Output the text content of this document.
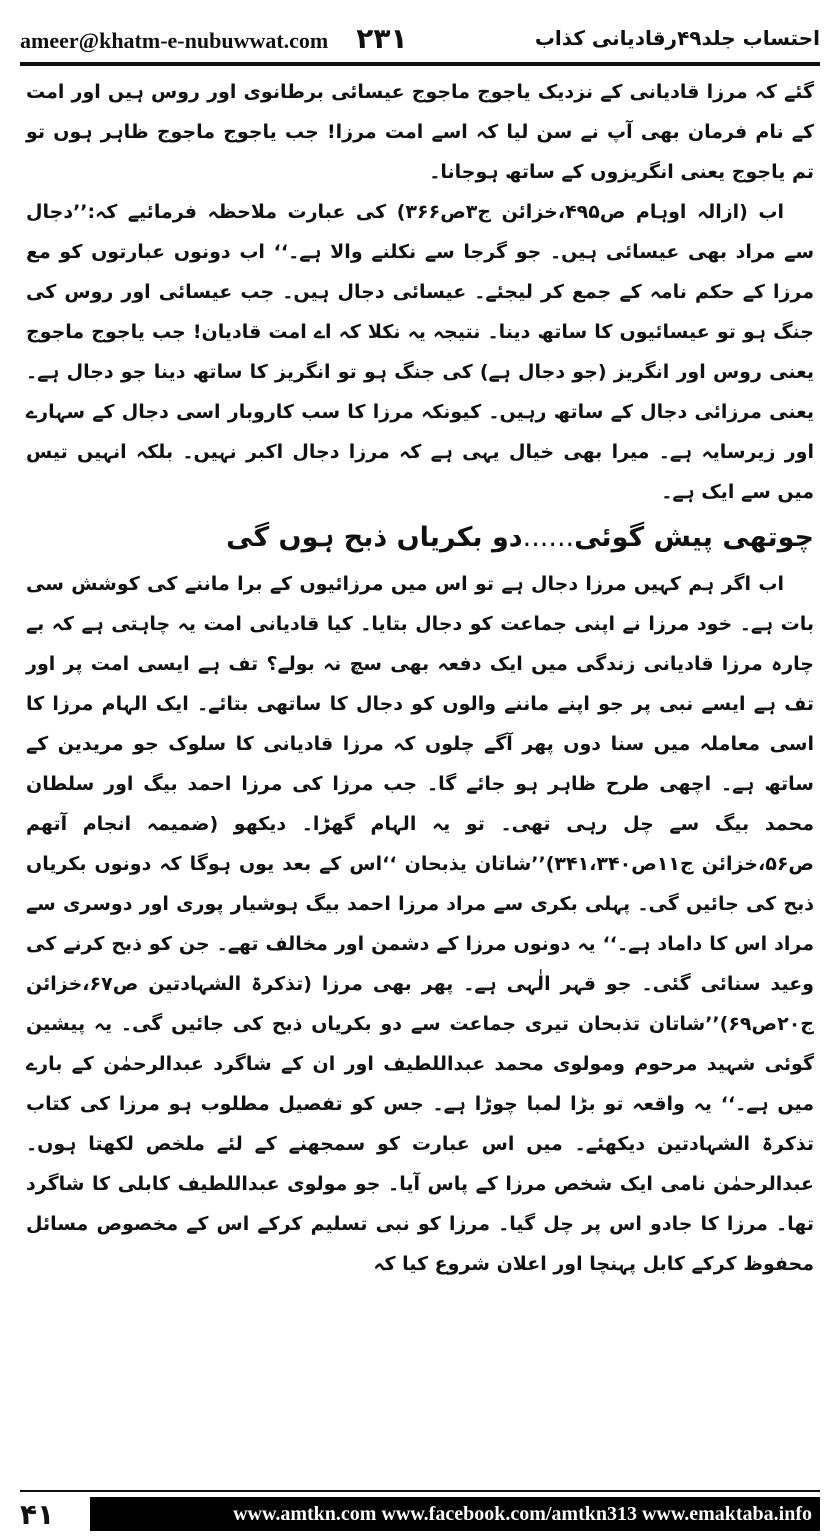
ameer@khatm-e-nubuwwat.com ۲۳۱	احتساب جلد۴۹رقادیانی کذاب

گئے کہ مرزا قادیانی کے نزدیک یاجوج ماجوج عیسائی برطانوی اور روس ہیں اور امت کے نام فرمان بھی آپ نے سن لیا کہ اسے امت مرزا! جب یاجوج ماجوج ظاہر ہوں تو تم یاجوج یعنی انگریزوں کے ساتھ ہوجانا۔

اب (ازالہ اوہام ص۴۹۵،خزائن ج۳ص۳۶۶) کی عبارت ملاحظہ فرمائیے کہ:’’دجال سے مراد بھی عیسائی ہیں۔ جو گرجا سے نکلنے والا ہے۔‘‘ اب دونوں عبارتوں کو مع مرزا کے حکم نامہ کے جمع کر لیجئے۔ عیسائی دجال ہیں۔ جب عیسائی اور روس کی جنگ ہو تو عیسائیوں کا ساتھ دینا۔ نتیجہ یہ نکلا کہ اے امت قادیان! جب یاجوج ماجوج یعنی روس اور انگریز (جو دجال ہے) کی جنگ ہو تو انگریز کا ساتھ دینا جو دجال ہے۔ یعنی مرزائی دجال کے ساتھ رہیں۔ کیونکہ مرزا کا سب کاروبار اسی دجال کے سہارے اور زیرسایہ ہے۔ میرا بھی خیال یہی ہے کہ مرزا دجال اکبر نہیں۔ بلکہ انہیں تیس میں سے ایک ہے۔

چوتھی پیش گوئی......دو بکریاں ذبح ہوں گی

اب اگر ہم کہیں مرزا دجال ہے تو اس میں مرزائیوں کے برا ماننے کی کوشش سی بات ہے۔ خود مرزا نے اپنی جماعت کو دجال بتایا۔ کیا قادیانی امت یہ چاہتی ہے کہ بے چارہ مرزا قادیانی زندگی میں ایک دفعہ بھی سچ نہ بولے؟ تف ہے ایسی امت پر اور تف ہے ایسے نبی پر جو اپنے ماننے والوں کو دجال کا ساتھی بتائے۔ ایک الہام مرزا کا اسی معاملہ میں سنا دوں پھر آگے چلوں کہ مرزا قادیانی کا سلوک جو مریدین کے ساتھ ہے۔ اچھی طرح ظاہر ہو جائے گا۔ جب مرزا کی مرزا احمد بیگ اور سلطان محمد بیگ سے چل رہی تھی۔ تو یہ الہام گھڑا۔ دیکھو (ضمیمہ انجام آتھم ص۵۶،خزائن ج۱۱ص۳۴۱،۳۴۰)’’شاتان یذبحان ‘‘اس کے بعد یوں ہوگا کہ دونوں بکریاں ذبح کی جائیں گی۔ پہلی بکری سے مراد مرزا احمد بیگ ہوشیار پوری اور دوسری سے مراد اس کا داماد ہے۔‘‘ یہ دونوں مرزا کے دشمن اور مخالف تھے۔ جن کو ذبح کرنے کی وعید سنائی گئی۔ جو قہر الٰہی ہے۔ پھر بھی مرزا (تذکرۃ الشہادتین ص۶۷،خزائن ج۲۰ص۶۹)’’شاتان تذبحان تیری جماعت سے دو بکریاں ذبح کی جائیں گی۔ یہ پیشین گوئی شہید مرحوم ومولوی محمد عبداللطیف اور ان کے شاگرد عبدالرحمٰن کے بارے میں ہے۔‘‘ یہ واقعہ تو بڑا لمبا چوڑا ہے۔ جس کو تفصیل مطلوب ہو مرزا کی کتاب تذکرۃ الشہادتین دیکھئے۔ میں اس عبارت کو سمجھنے کے لئے ملخص لکھتا ہوں۔ عبدالرحمٰن نامی ایک شخص مرزا کے پاس آیا۔ جو مولوی عبداللطیف کابلی کا شاگرد تھا۔ مرزا کا جادو اس پر چل گیا۔ مرزا کو نبی تسلیم کرکے اس کے مخصوص مسائل محفوظ کرکے کابل پہنچا اور اعلان شروع کیا کہ

۴۱	www.amtkn.com www.facebook.com/amtkn313 www.emaktaba.info
